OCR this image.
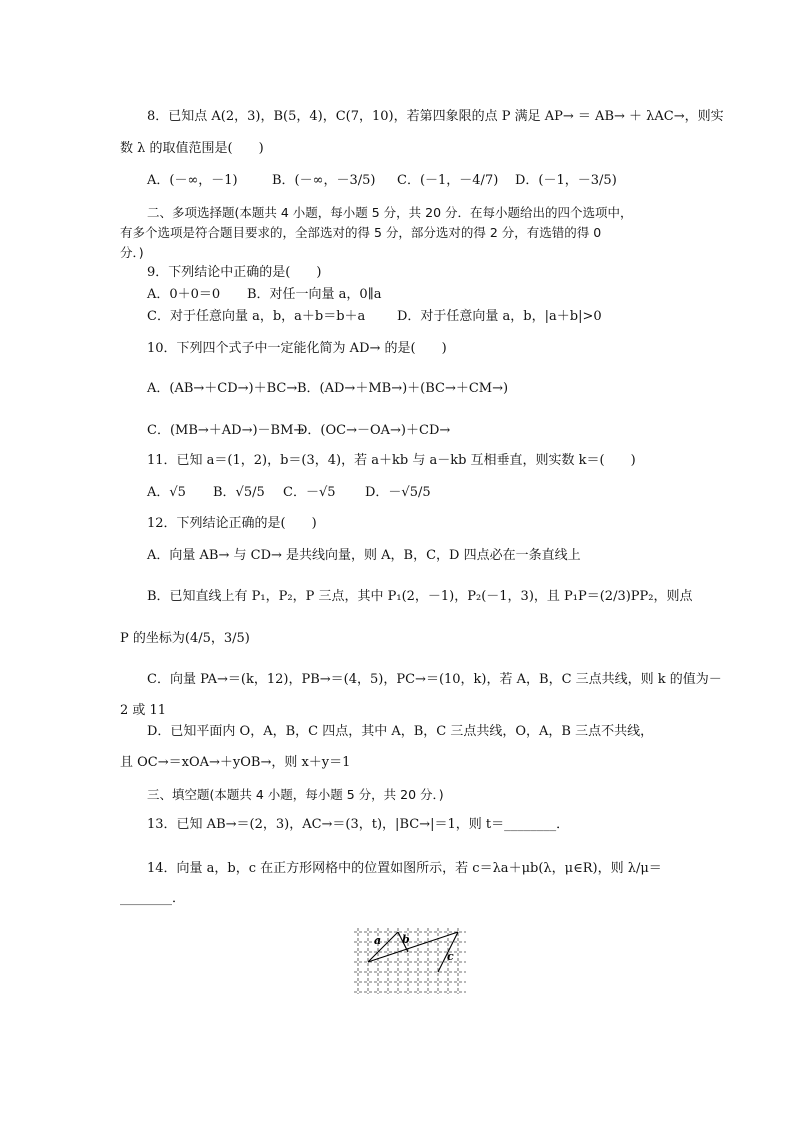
8．已知点 A(2，3)，B(5，4)，C(7，10)，若第四象限的点 P 满足 AP→ ＝ AB→ ＋ λAC→，则实
数 λ 的取值范围是(　　)
A．(－∞，－1)	B．(－∞，－3/5) C．(－1，－4/7) D．(－1，－3/5)
二、多项选择题(本题共 4 小题，每小题 5 分，共 20 分．在每小题给出的四个选项中，
有多个选项是符合题目要求的，全部选对的得 5 分，部分选对的得 2 分，有选错的得 0
分．)
9．下列结论中正确的是(　　)
A．0＋0＝0 B．对任一向量 a，0∥a
C．对于任意向量 a，b，a＋b＝b＋a D．对于任意向量 a，b，|a＋b|>0
10．下列四个式子中一定能化简为 AD→ 的是(　　)
A．(AB→＋CD→)＋BC→B．(AD→＋MB→)＋(BC→＋CM→)
C．(MB→＋AD→)－BM→D．(OC→－OA→)＋CD→
11．已知 a＝(1，2)，b＝(3，4)，若 a＋kb 与 a－kb 互相垂直，则实数 k＝(　　)
A．√5 B．√5/5 C．－√5 D．－√5/5
12．下列结论正确的是(　　)
A．向量 AB→ 与 CD→ 是共线向量，则 A，B，C，D 四点必在一条直线上
B．已知直线上有 P₁，P₂，P 三点，其中 P₁(2，－1)，P₂(－1，3)，且 P₁P＝(2/3)PP₂，则点
P 的坐标为(4/5，3/5)
C．向量 PA→＝(k，12)，PB→＝(4，5)，PC→＝(10，k)，若 A，B，C 三点共线，则 k 的值为－
2 或 11
D．已知平面内 O，A，B，C 四点，其中 A，B，C 三点共线，O，A，B 三点不共线，
且 OC→＝xOA→＋yOB→，则 x＋y＝1
三、填空题(本题共 4 小题，每小题 5 分，共 20 分．)
13．已知 AB→＝(2，3)，AC→＝(3，t)，|BC→|＝1，则 t＝________．
14．向量 a，b，c 在正方形网格中的位置如图所示，若 c＝λa＋μb(λ，μ∈R)，则 λ/μ＝
________．
a b
c
